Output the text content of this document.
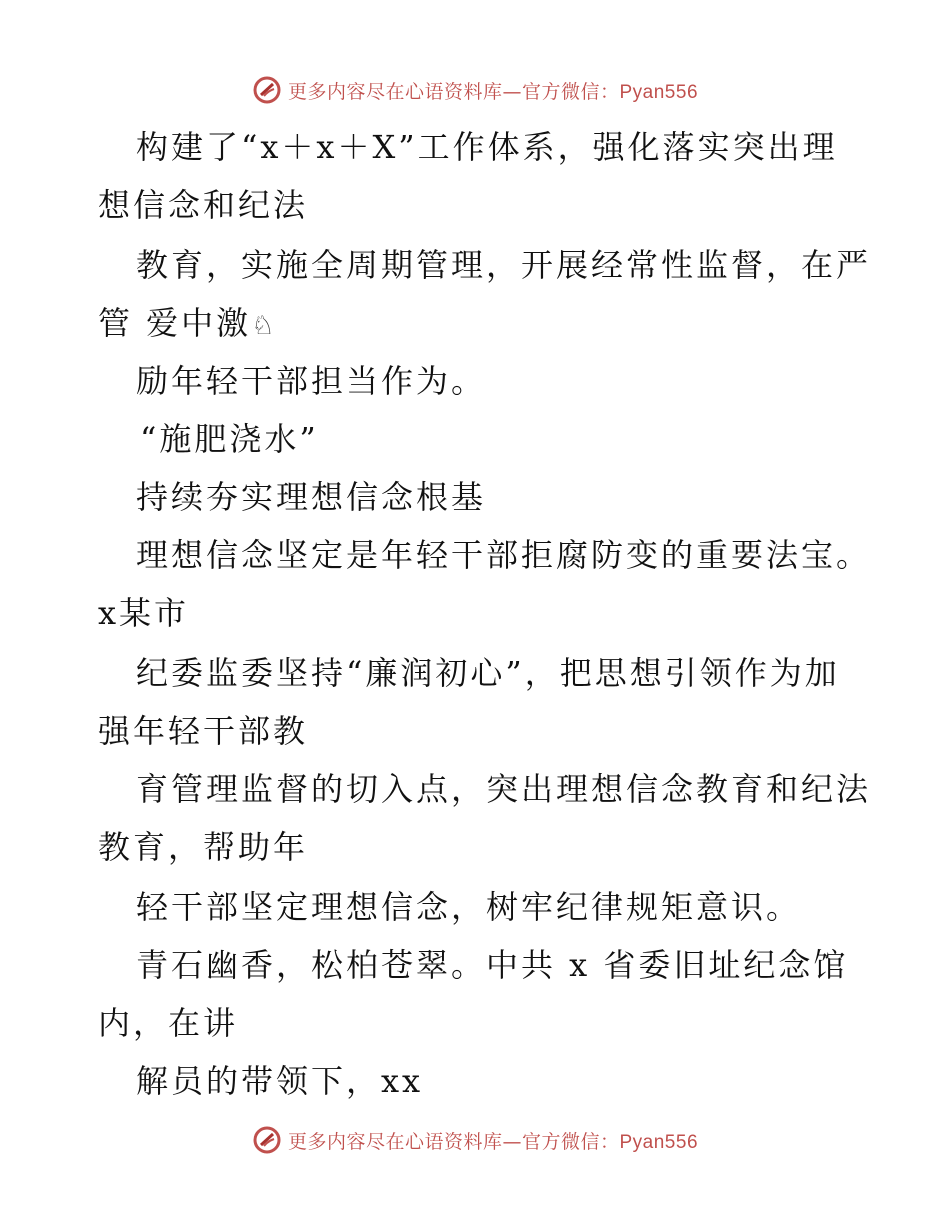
更多内容尽在心语资料库—官方微信：Pyan556
构建了“x＋x＋X”工作体系，强化落实突出理
想信念和纪法
教育，实施全周期管理，开展经常性监督，在严
管 爱中激♘
励年轻干部担当作为。
“施肥浇水”
持续夯实理想信念根基
理想信念坚定是年轻干部拒腐防变的重要法宝。
x某市
纪委监委坚持“廉润初心”，把思想引领作为加
强年轻干部教
育管理监督的切入点，突出理想信念教育和纪法
教育，帮助年
轻干部坚定理想信念，树牢纪律规矩意识。
青石幽香，松柏苍翠。中共 x 省委旧址纪念馆
内，在讲
解员的带领下，xx
更多内容尽在心语资料库—官方微信：Pyan556
